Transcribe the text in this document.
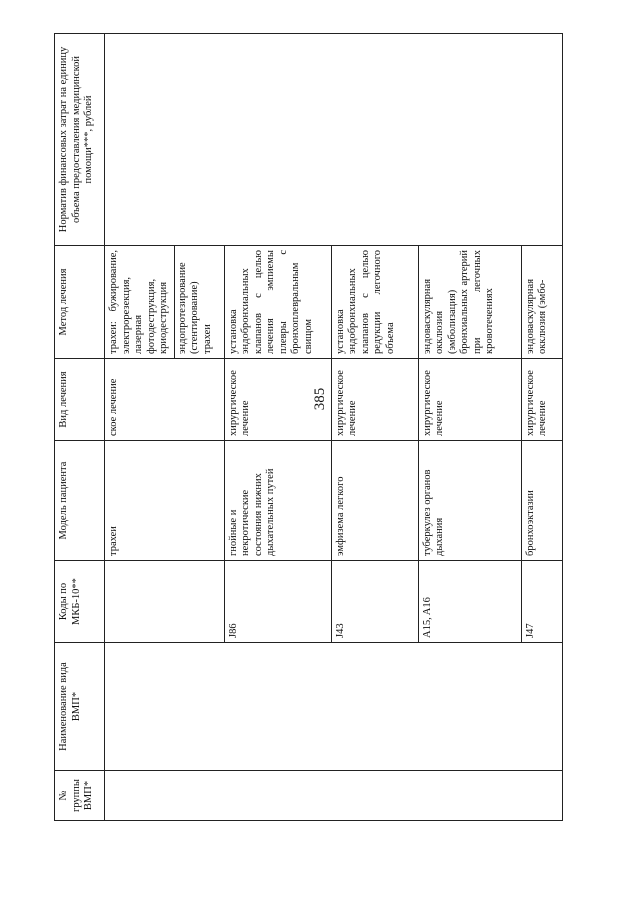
385
№ группы ВМП*	Наименование вида ВМП*	Коды по МКБ-10**	Модель пациента	Вид лечения	Метод лечения	Норматив финансовых затрат на единицу объема предоставления медицинской помощи***, рублей
			трахеи	ское лечение	трахеи: бужирование, электрорезекция, лазерная фотодеструкция, криодеструкция	
					эндопротезирование (стентирование) трахеи	
		J86	гнойные и некротические состояния нижних дыхательных путей	хирургическое лечение	установка эндобронхиальных клапанов с целью лечения эмпиемы плевры с бронхоплевральным свищом	
		J43	эмфизема легкого	хирургическое лечение	установка эндобронхиальных клапанов с целью редукции легочного объема	
		A15, A16	туберкулез органов дыхания	хирургическое лечение	эндоваскулярная окклюзия (эмболизация) бронхиальных артерий при легочных кровотечениях	
		J47	бронхоэктазии	хирургическое лечение	эндоваскулярная окклюзия (эмбо-	
